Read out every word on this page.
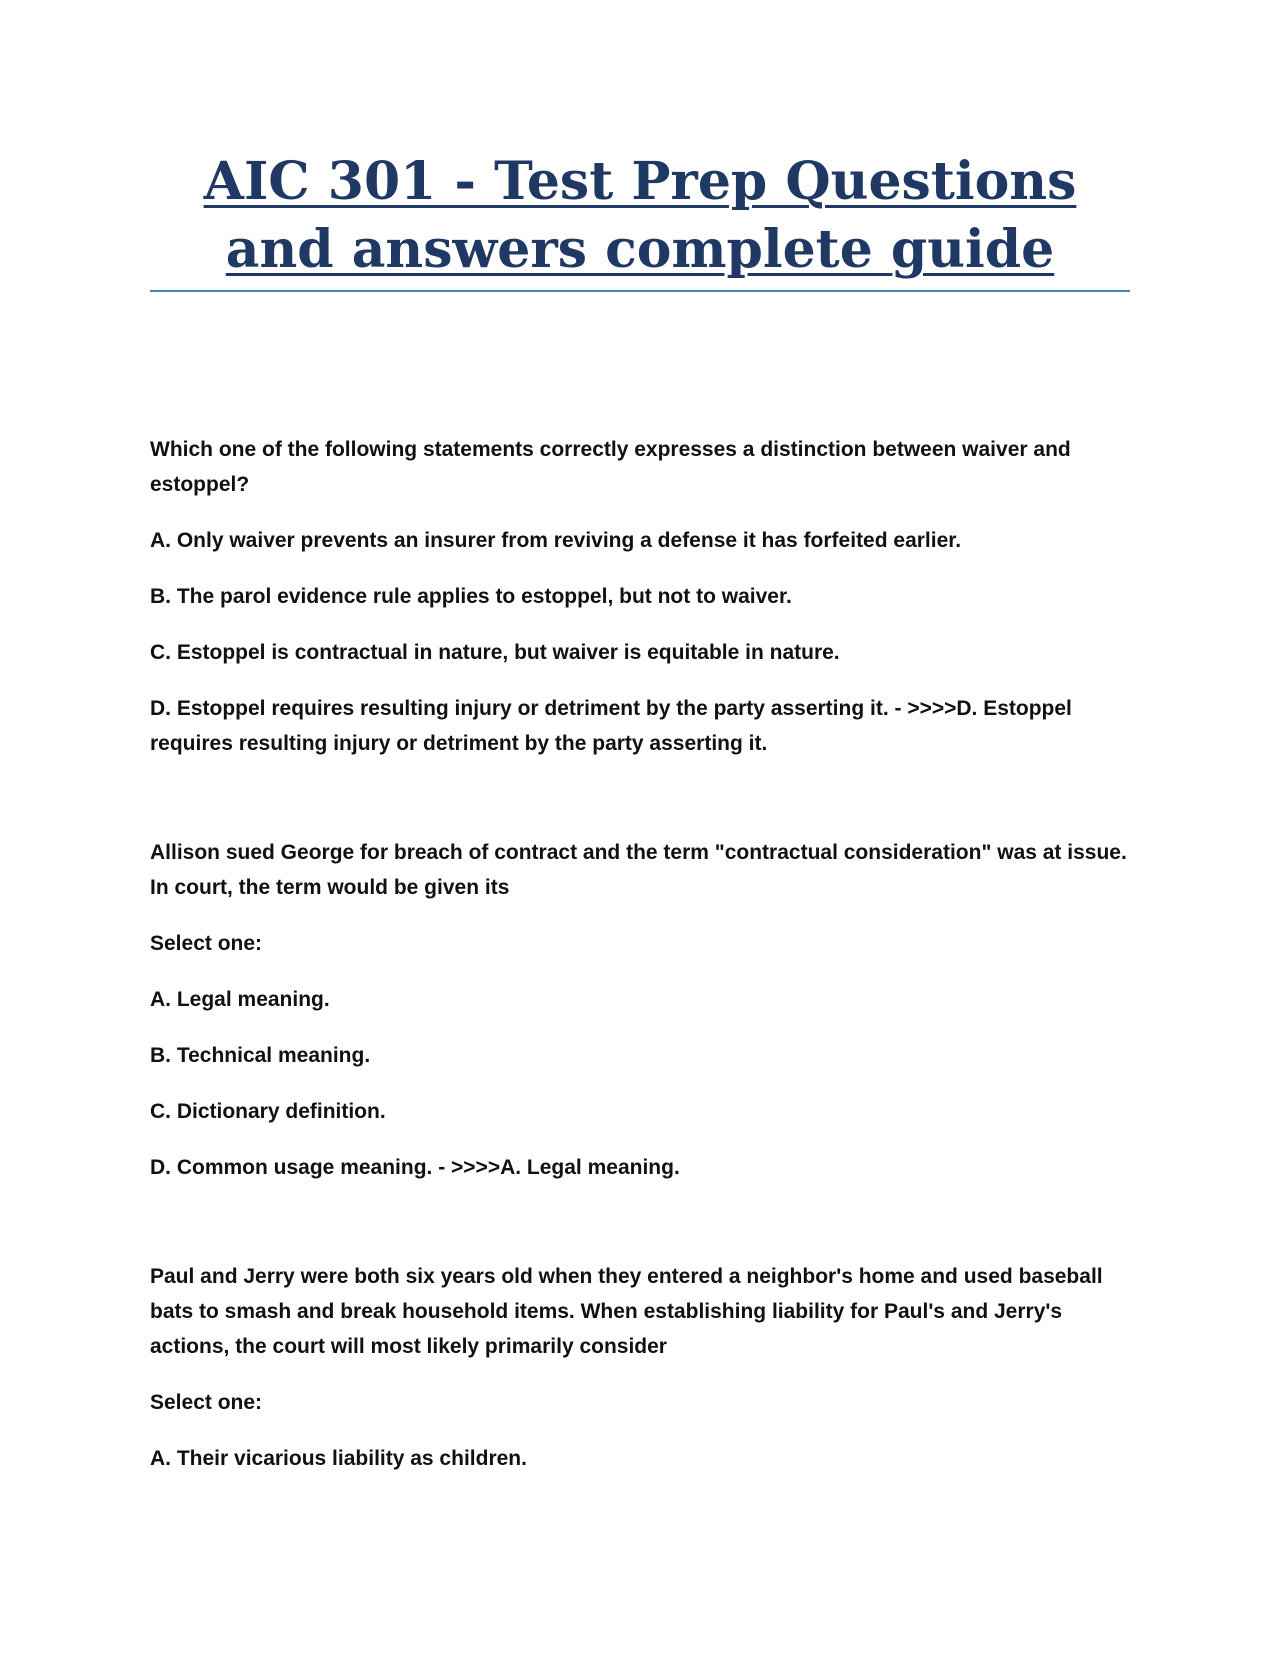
AIC 301 - Test Prep Questions and answers complete guide

Which one of the following statements correctly expresses a distinction between waiver and estoppel?

A. Only waiver prevents an insurer from reviving a defense it has forfeited earlier.

B. The parol evidence rule applies to estoppel, but not to waiver.

C. Estoppel is contractual in nature, but waiver is equitable in nature.

D. Estoppel requires resulting injury or detriment by the party asserting it. - >>>>D. Estoppel requires resulting injury or detriment by the party asserting it.

Allison sued George for breach of contract and the term "contractual consideration" was at issue. In court, the term would be given its

Select one:

A. Legal meaning.

B. Technical meaning.

C. Dictionary definition.

D. Common usage meaning. - >>>>A. Legal meaning.

Paul and Jerry were both six years old when they entered a neighbor's home and used baseball bats to smash and break household items. When establishing liability for Paul's and Jerry's actions, the court will most likely primarily consider

Select one:

A. Their vicarious liability as children.
